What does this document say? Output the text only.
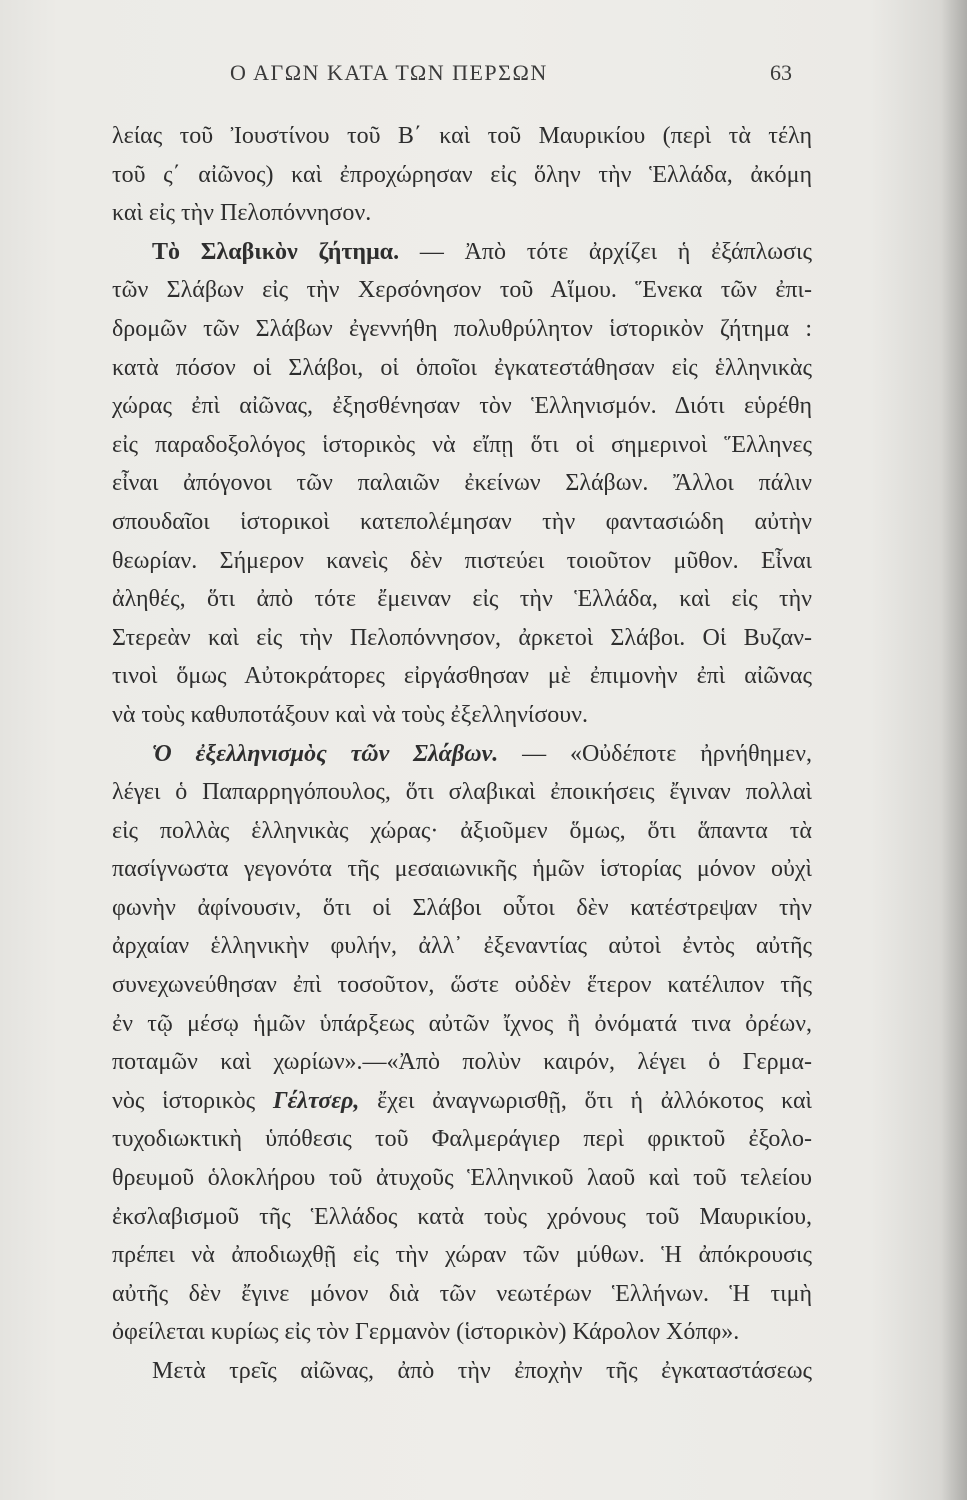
Ο ΑΓΩΝ ΚΑΤΑ ΤΩΝ ΠΕΡΣΩΝ	63
λείας τοῦ Ἰουστίνου τοῦ Β΄ καὶ τοῦ Μαυρικίου (περὶ τὰ τέλη
τοῦ ς΄ αἰῶνος) καὶ ἐπροχώρησαν εἰς ὅλην τὴν Ἑλλάδα, ἀκόμη
καὶ εἰς τὴν Πελοπόννησον.
Τὸ Σλαβικὸν ζήτημα. — Ἀπὸ τότε ἀρχίζει ἡ ἐξάπλωσις
τῶν Σλάβων εἰς τὴν Χερσόνησον τοῦ Αἵμου. Ἕνεκα τῶν ἐπι-
δρομῶν τῶν Σλάβων ἐγεννήθη πολυθρύλητον ἱστορικὸν ζήτημα :
κατὰ πόσον οἱ Σλάβοι, οἱ ὁποῖοι ἐγκατεστάθησαν εἰς ἑλληνικὰς
χώρας ἐπὶ αἰῶνας, ἐξησθένησαν τὸν Ἑλληνισμόν. Διότι εὑρέθη
εἰς παραδοξολόγος ἱστορικὸς νὰ εἴπῃ ὅτι οἱ σημερινοὶ Ἕλληνες
εἶναι ἀπόγονοι τῶν παλαιῶν ἐκείνων Σλάβων. Ἄλλοι πάλιν
σπουδαῖοι ἱστορικοὶ κατεπολέμησαν τὴν φαντασιώδη αὐτὴν
θεωρίαν. Σήμερον κανεὶς δὲν πιστεύει τοιοῦτον μῦθον. Εἶναι
ἀληθές, ὅτι ἀπὸ τότε ἔμειναν εἰς τὴν Ἑλλάδα, καὶ εἰς τὴν
Στερεὰν καὶ εἰς τὴν Πελοπόννησον, ἀρκετοὶ Σλάβοι. Οἱ Βυζαν-
τινοὶ ὅμως Αὐτοκράτορες εἰργάσθησαν μὲ ἐπιμονὴν ἐπὶ αἰῶνας
νὰ τοὺς καθυποτάξουν καὶ νὰ τοὺς ἐξελληνίσουν.
Ὁ ἐξελληνισμὸς τῶν Σλάβων. — «Οὐδέποτε ἠρνήθημεν,
λέγει ὁ Παπαρρηγόπουλος, ὅτι σλαβικαὶ ἐποικήσεις ἔγιναν πολλαὶ
εἰς πολλὰς ἑλληνικὰς χώρας· ἀξιοῦμεν ὅμως, ὅτι ἅπαντα τὰ
πασίγνωστα γεγονότα τῆς μεσαιωνικῆς ἡμῶν ἱστορίας μόνον οὐχὶ
φωνὴν ἀφίνουσιν, ὅτι οἱ Σλάβοι οὗτοι δὲν κατέστρεψαν τὴν
ἀρχαίαν ἑλληνικὴν φυλήν, ἀλλ᾽ ἐξεναντίας αὐτοὶ ἐντὸς αὐτῆς
συνεχωνεύθησαν ἐπὶ τοσοῦτον, ὥστε οὐδὲν ἕτερον κατέλιπον τῆς
ἐν τῷ μέσῳ ἡμῶν ὑπάρξεως αὐτῶν ἴχνος ἢ ὀνόματά τινα ὀρέων,
ποταμῶν καὶ χωρίων».—«Ἀπὸ πολὺν καιρόν, λέγει ὁ Γερμα-
νὸς ἱστορικὸς Γέλτσερ, ἔχει ἀναγνωρισθῇ, ὅτι ἡ ἀλλόκοτος καὶ
τυχοδιωκτικὴ ὑπόθεσις τοῦ Φαλμεράγιερ περὶ φρικτοῦ ἐξολο-
θρευμοῦ ὁλοκλήρου τοῦ ἀτυχοῦς Ἑλληνικοῦ λαοῦ καὶ τοῦ τελείου
ἐκσλαβισμοῦ τῆς Ἑλλάδος κατὰ τοὺς χρόνους τοῦ Μαυρικίου,
πρέπει νὰ ἀποδιωχθῇ εἰς τὴν χώραν τῶν μύθων. Ἡ ἀπόκρουσις
αὐτῆς δὲν ἔγινε μόνον διὰ τῶν νεωτέρων Ἑλλήνων. Ἡ τιμὴ
ὀφείλεται κυρίως εἰς τὸν Γερμανὸν (ἱστορικὸν) Κάρολον Χόπφ».
Μετὰ τρεῖς αἰῶνας, ἀπὸ τὴν ἐποχὴν τῆς ἐγκαταστάσεως
